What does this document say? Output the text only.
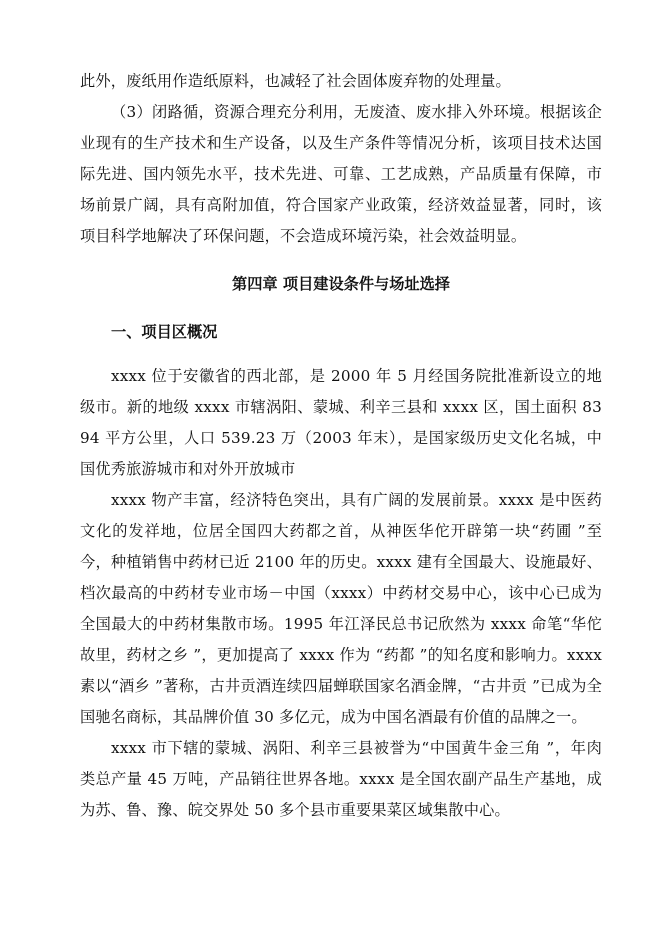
此外，废纸用作造纸原料，也减轻了社会固体废弃物的处理量。

（3）闭路循，资源合理充分利用，无废渣、废水排入外环境。根据该企业现有的生产技术和生产设备，以及生产条件等情况分析，该项目技术达国际先进、国内领先水平，技术先进、可靠、工艺成熟，产品质量有保障，市场前景广阔，具有高附加值，符合国家产业政策，经济效益显著，同时，该项目科学地解决了环保问题，不会造成环境污染，社会效益明显。

第四章 项目建设条件与场址选择
一、项目区概况

xxxx 位于安徽省的西北部，是 2000 年 5 月经国务院批准新设立的地级市。新的地级 xxxx 市辖涡阳、蒙城、利辛三县和 xxxx 区，国土面积 8394 平方公里，人口 539.23 万（2003 年末），是国家级历史文化名城，中国优秀旅游城市和对外开放城市

xxxx 物产丰富，经济特色突出，具有广阔的发展前景。xxxx 是中医药文化的发祥地，位居全国四大药都之首，从神医华佗开辟第一块“药圃 ”至今，种植销售中药材已近 2100 年的历史。xxxx 建有全国最大、设施最好、档次最高的中药材专业市场－中国（xxxx）中药材交易中心，该中心已成为全国最大的中药材集散市场。1995 年江泽民总书记欣然为 xxxx 命笔“华佗故里，药材之乡 ”，更加提高了 xxxx 作为 “药都 ”的知名度和影响力。xxxx 素以“酒乡 ”著称，古井贡酒连续四届蝉联国家名酒金牌，“古井贡 ”已成为全国驰名商标，其品牌价值 30 多亿元，成为中国名酒最有价值的品牌之一。

xxxx 市下辖的蒙城、涡阳、利辛三县被誉为“中国黄牛金三角 ”，年肉类总产量 45 万吨，产品销往世界各地。xxxx 是全国农副产品生产基地，成为苏、鲁、豫、皖交界处 50 多个县市重要果菜区域集散中心。
